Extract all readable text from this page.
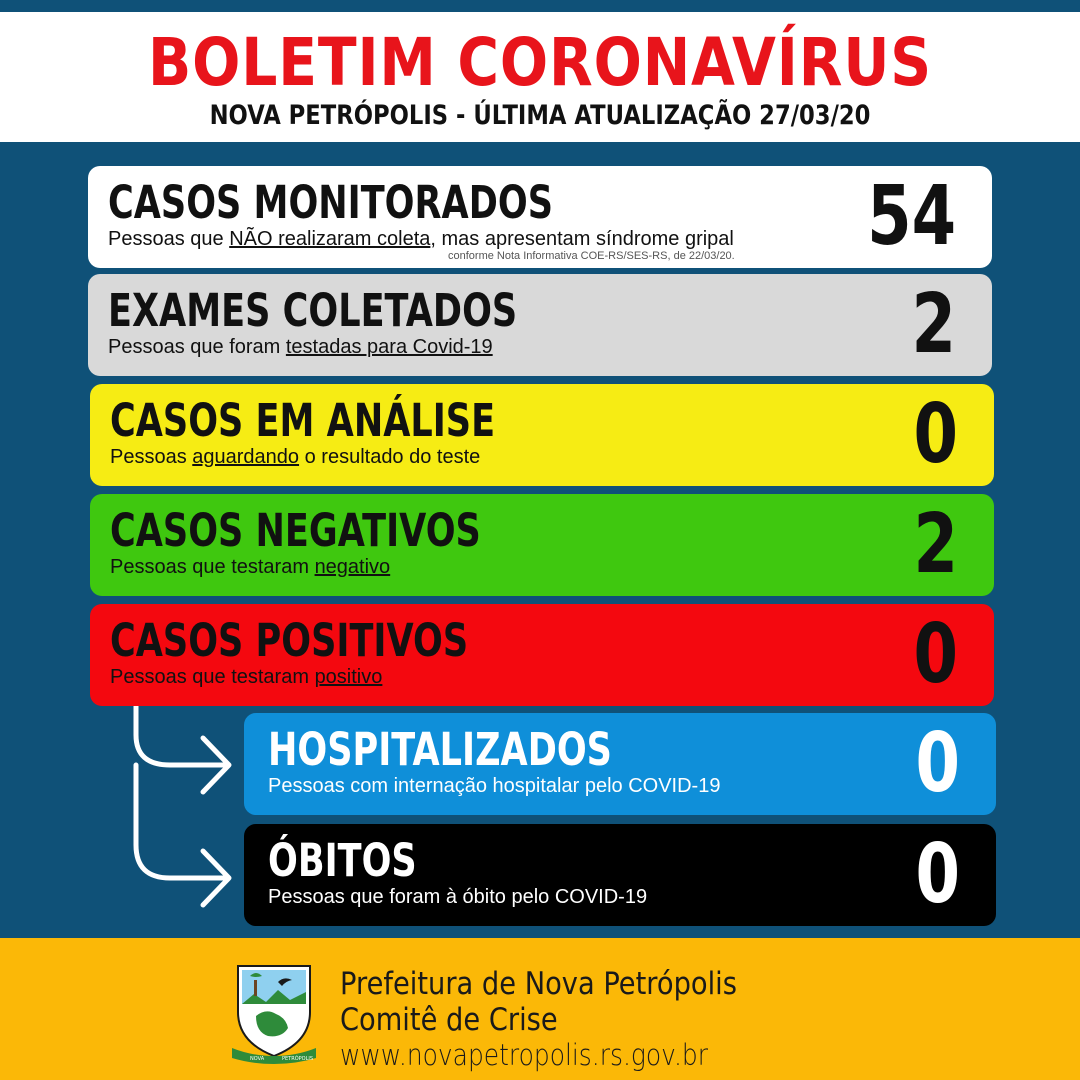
BOLETIM CORONAVÍRUS
NOVA PETRÓPOLIS - ÚLTIMA ATUALIZAÇÃO 27/03/20
CASOS MONITORADOS
Pessoas que NÃO realizaram coleta, mas apresentam síndrome gripal
conforme Nota Informativa COE-RS/SES-RS, de 22/03/20. 54
EXAMES COLETADOS
Pessoas que foram testadas para Covid-19	2
CASOS EM ANÁLISE
Pessoas aguardando o resultado do teste	0
CASOS NEGATIVOS
Pessoas que testaram negativo	2
CASOS POSITIVOS
Pessoas que testaram positivo	0
HOSPITALIZADOS
Pessoas com internação hospitalar pelo COVID-19 0
ÓBITOS
Pessoas que foram à óbito pelo COVID-19	0
NOVA	PETRÓPOLIS
Prefeitura de Nova Petrópolis
Comitê de Crise
www.novapetropolis.rs.gov.br
